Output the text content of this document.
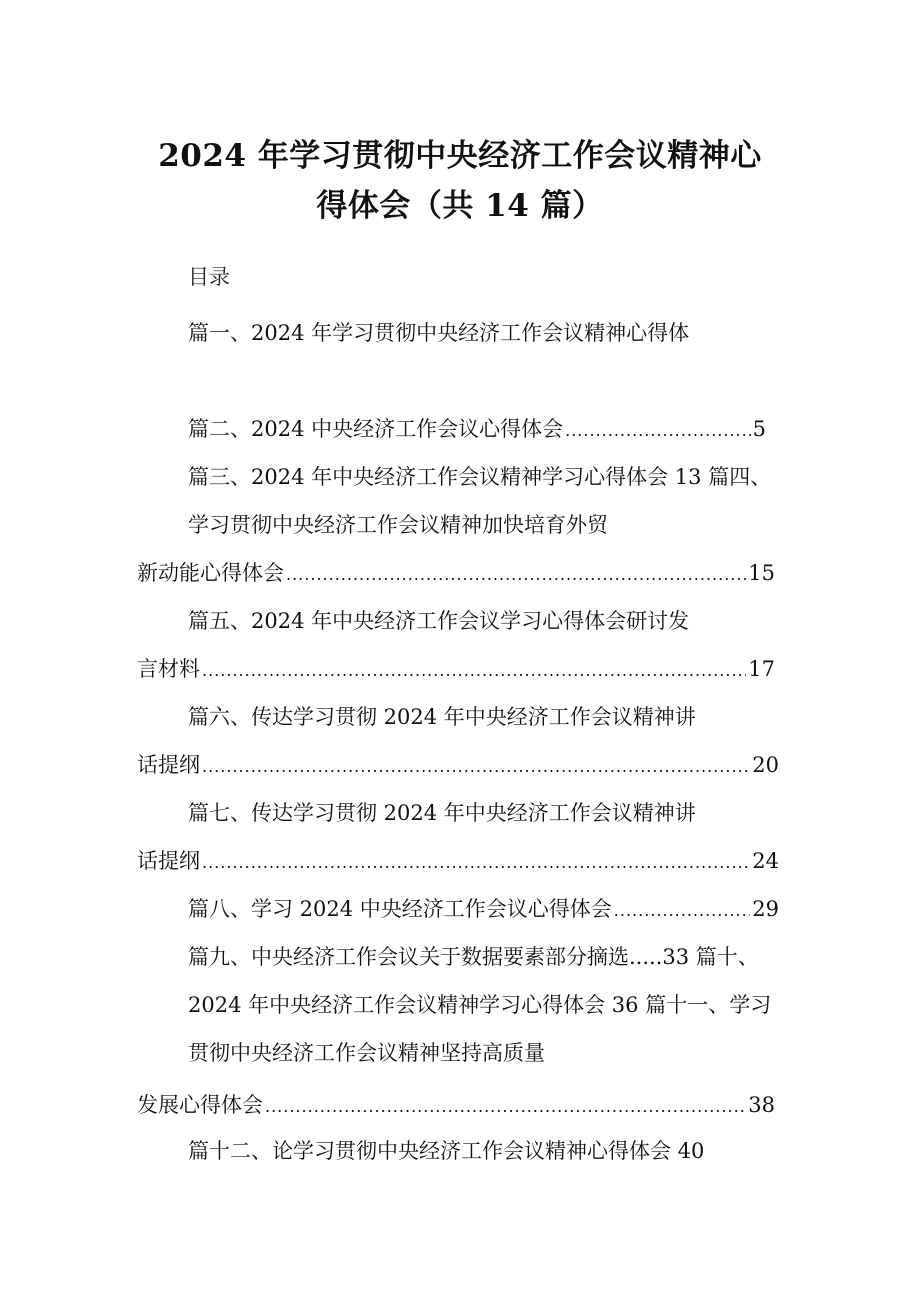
2024 年学习贯彻中央经济工作会议精神心
得体会（共 14 篇）
目录
篇一、2024 年学习贯彻中央经济工作会议精神心得体
篇二、2024 中央经济工作会议心得体会 .....	5
篇三、2024 年中央经济工作会议精神学习心得体会 13 篇四、
学习贯彻中央经济工作会议精神加快培育外贸
新动能心得体会 .....	15
篇五、2024 年中央经济工作会议学习心得体会研讨发
言材料 .....	17
篇六、传达学习贯彻 2024 年中央经济工作会议精神讲
话提纲 .....	20
篇七、传达学习贯彻 2024 年中央经济工作会议精神讲
话提纲 .....	24
篇八、学习 2024 中央经济工作会议心得体会 .....	29
篇九、中央经济工作会议关于数据要素部分摘选.....33 篇十、
2024 年中央经济工作会议精神学习心得体会 36 篇十一、学习
贯彻中央经济工作会议精神坚持高质量
发展心得体会 .....	38
篇十二、论学习贯彻中央经济工作会议精神心得体会 40
